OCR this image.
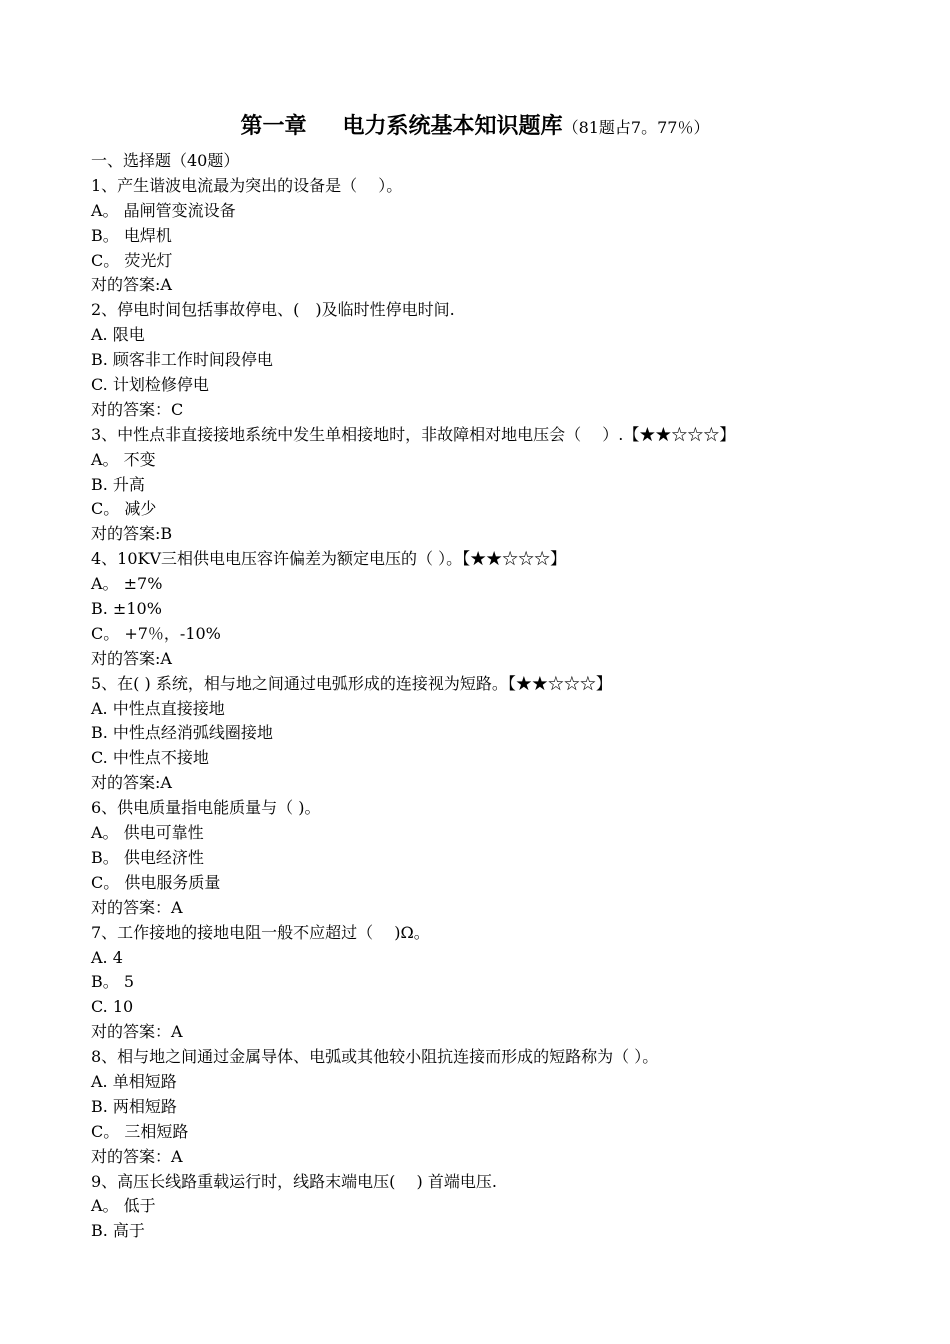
第一章 电力系统基本知识题库（81题占7。77％）
一、选择题（40题）
1、产生谐波电流最为突出的设备是（　 ）。
A。 晶闸管变流设备
B。 电焊机
C。 荧光灯
对的答案:A
2、停电时间包括事故停电、(　)及临时性停电时间.
A. 限电
B. 顾客非工作时间段停电
C. 计划检修停电
对的答案：C
3、中性点非直接接地系统中发生单相接地时，非故障相对地电压会（　 ）.【★★☆☆☆】
A。 不变
B. 升高
C。 减少
对的答案:B
4、10KV三相供电电压容许偏差为额定电压的（ ）。【★★☆☆☆】
A。 ±7%
B. ±10%
C。 +7％，-10%
对的答案:A
5、在( ) 系统，相与地之间通过电弧形成的连接视为短路。【★★☆☆☆】
A. 中性点直接接地
B. 中性点经消弧线圈接地
C. 中性点不接地
对的答案:A
6、供电质量指电能质量与（ )。
A。 供电可靠性
B。 供电经济性
C。 供电服务质量
对的答案：A
7、工作接地的接地电阻一般不应超过（　 )Ω。
A. 4
B。 5
C. 10
对的答案：A
8、相与地之间通过金属导体、电弧或其他较小阻抗连接而形成的短路称为（ ）。
A. 单相短路
B. 两相短路
C。 三相短路
对的答案：A
9、高压长线路重载运行时，线路末端电压(　 ) 首端电压.
A。 低于
B. 高于
